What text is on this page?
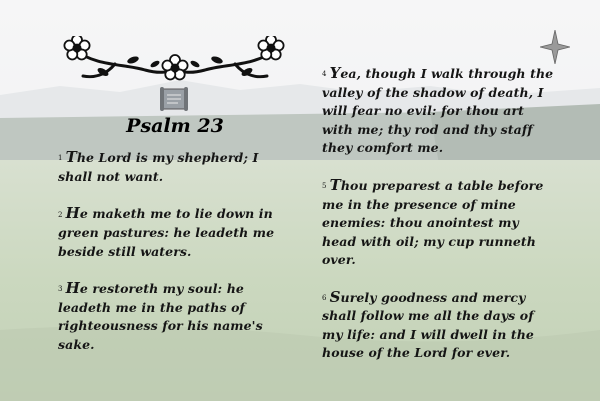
Psalm 23

1 The Lord is my shepherd; I shall not want.

2 He maketh me to lie down in green pastures: he leadeth me beside still waters.

3 He restoreth my soul: he leadeth me in the paths of righteousness for his name's sake.

4 Yea, though I walk through the valley of the shadow of death, I will fear no evil: for thou art with me; thy rod and thy staff they comfort me.

5 Thou preparest a table before me in the presence of mine enemies: thou anointest my head with oil; my cup runneth over.

6 Surely goodness and mercy shall follow me all the days of my life: and I will dwell in the house of the Lord for ever.
